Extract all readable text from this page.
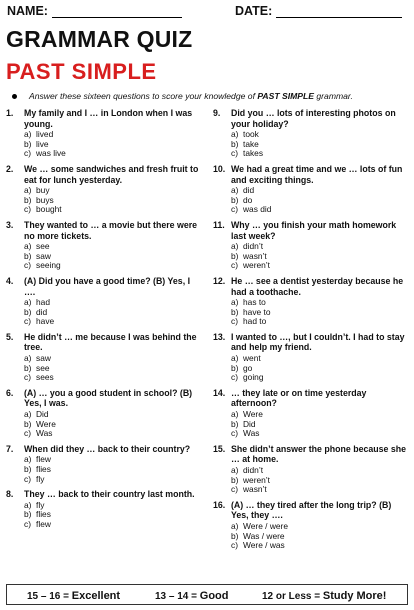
NAME:	DATE:
GRAMMAR QUIZ
PAST SIMPLE
Answer these sixteen questions to score your knowledge of PAST SIMPLE grammar.
1. My family and I … in London when I was young.
a) lived
b) live
c) was live
2. We … some sandwiches and fresh fruit to eat for lunch yesterday.
a) buy
b) buys
c) bought
3. They wanted to … a movie but there were no more tickets.
a) see
b) saw
c) seeing
4. (A) Did you have a good time? (B) Yes, I ….
a) had
b) did
c) have
5. He didn’t … me because I was behind the tree.
a) saw
b) see
c) sees
6. (A) … you a good student in school? (B) Yes, I was.
a) Did
b) Were
c) Was
7. When did they … back to their country?
a) flew
b) flies
c) fly
8. They … back to their country last month.
a) fly
b) flies
c) flew
9. Did you … lots of interesting photos on your holiday?
a) took
b) take
c) takes
10. We had a great time and we … lots of fun and exciting things.
a) did
b) do
c) was did
11. Why … you finish your math homework last week?
a) didn’t
b) wasn’t
c) weren’t
12. He … see a dentist yesterday because he had a toothache.
a) has to
b) have to
c) had to
13. I wanted to …, but I couldn’t. I had to stay and help my friend.
a) went
b) go
c) going
14. … they late or on time yesterday afternoon?
a) Were
b) Did
c) Was
15. She didn’t answer the phone because she … at home.
a) didn’t
b) weren’t
c) wasn’t
16. (A) … they tired after the long trip? (B) Yes, they ….
a) Were / were
b) Was / were
c) Were / was
15 – 16 = Excellent	13 – 14 = Good	12 or Less = Study More!
